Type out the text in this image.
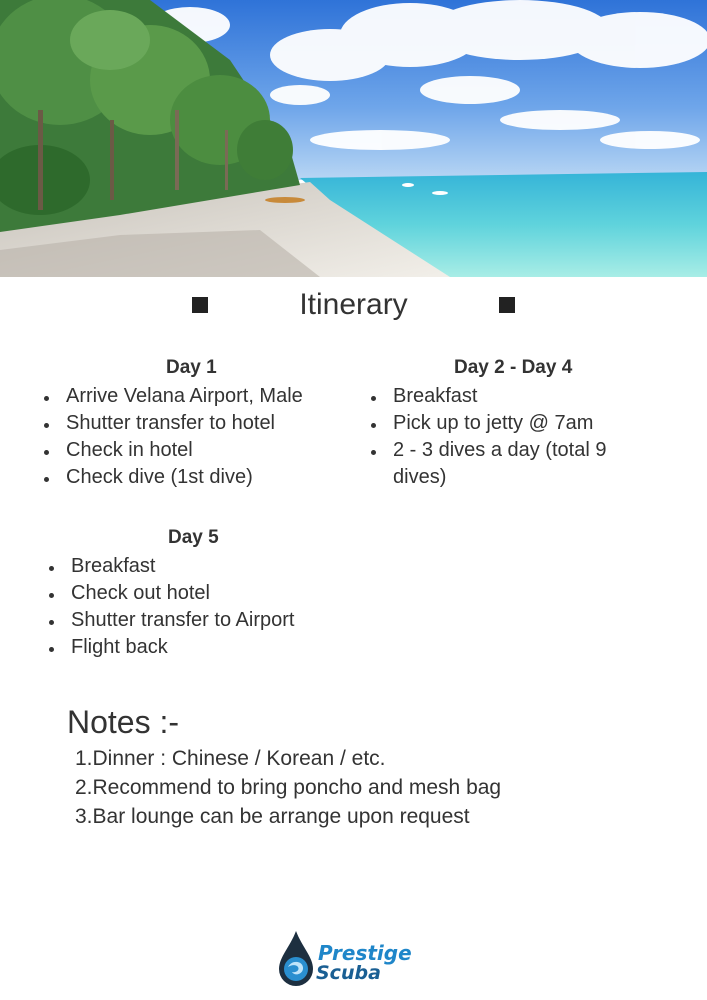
Itinerary
Day 1
Arrive Velana Airport, Male
Shutter transfer to hotel
Check in hotel
Check dive (1st dive)
Day 2 - Day 4
Breakfast
Pick up to jetty @ 7am
2 - 3 dives a day (total 9 dives)
Day 5
Breakfast
Check out hotel
Shutter transfer to Airport
Flight back
Notes :-
1.Dinner : Chinese / Korean / etc.
2.Recommend to bring poncho and mesh bag
3.Bar lounge can be arrange upon request
Prestige
Scuba
